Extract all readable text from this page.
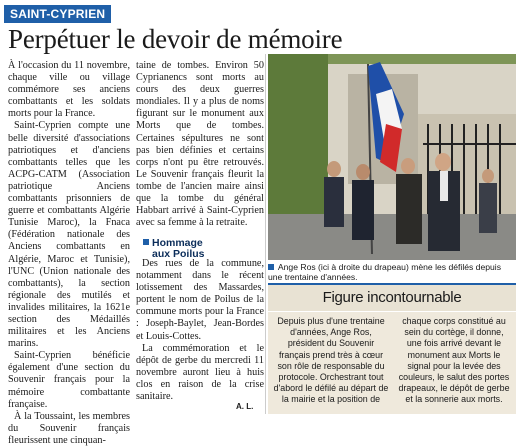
SAINT-CYPRIEN
Perpétuer le devoir de mémoire

À l'occasion du 11 novembre, chaque ville ou village commémore ses anciens combattants et les soldats morts pour la France.

Saint-Cyprien compte une belle diversité d'associations patriotiques et d'anciens combattants telles que les ACPG-CATM (Association patriotique Anciens combattants prisonniers de guerre et combattants Algérie Tunisie Maroc), la Fnaca (Fédération nationale des Anciens combattants en Algérie, Maroc et Tunisie), l'UNC (Union nationale des combattants), la section régionale des mutilés et invalides militaires, la 1621e section des Médaillés militaires et les Anciens marins.

Saint-Cyprien bénéficie également d'une section du Souvenir français pour la mémoire combattante française.

À la Toussaint, les membres du Souvenir français fleurissent une cinquan-

taine de tombes. Environ 50 Cyprianencs sont morts au cours des deux guerres mondiales. Il y a plus de noms figurant sur le monument aux Morts que de tombes. Certaines sépultures ne sont pas bien définies et certains corps n'ont pu être retrouvés. Le Souvenir français fleurit la tombe de l'ancien maire ainsi que la tombe du général Habbart arrivé à Saint-Cyprien avec sa femme à la retraite.

Hommage
aux Poilus

Des rues de la commune, notamment dans le récent lotissement des Massardes, portent le nom de Poilus de la commune morts pour la France : Joseph-Baylet, Jean-Bordes et Louis-Cottes.

La commémoration et le dépôt de gerbe du mercredi 11 novembre auront lieu à huis clos en raison de la crise sanitaire.

A. L.
Ange Ros (ici à droite du drapeau) mène les défilés depuis une trentaine d'années.
Figure incontournable
Depuis plus d'une trentaine d'années, Ange Ros, président du Souvenir français prend très à cœur son rôle de responsable du protocole. Orchestrant tout d'abord le défilé au départ de la mairie et la position de
chaque corps constitué au sein du cortège, il donne, une fois arrivé devant le monument aux Morts le signal pour la levée des couleurs, le salut des portes drapeaux, le dépôt de gerbe et la sonnerie aux morts.
